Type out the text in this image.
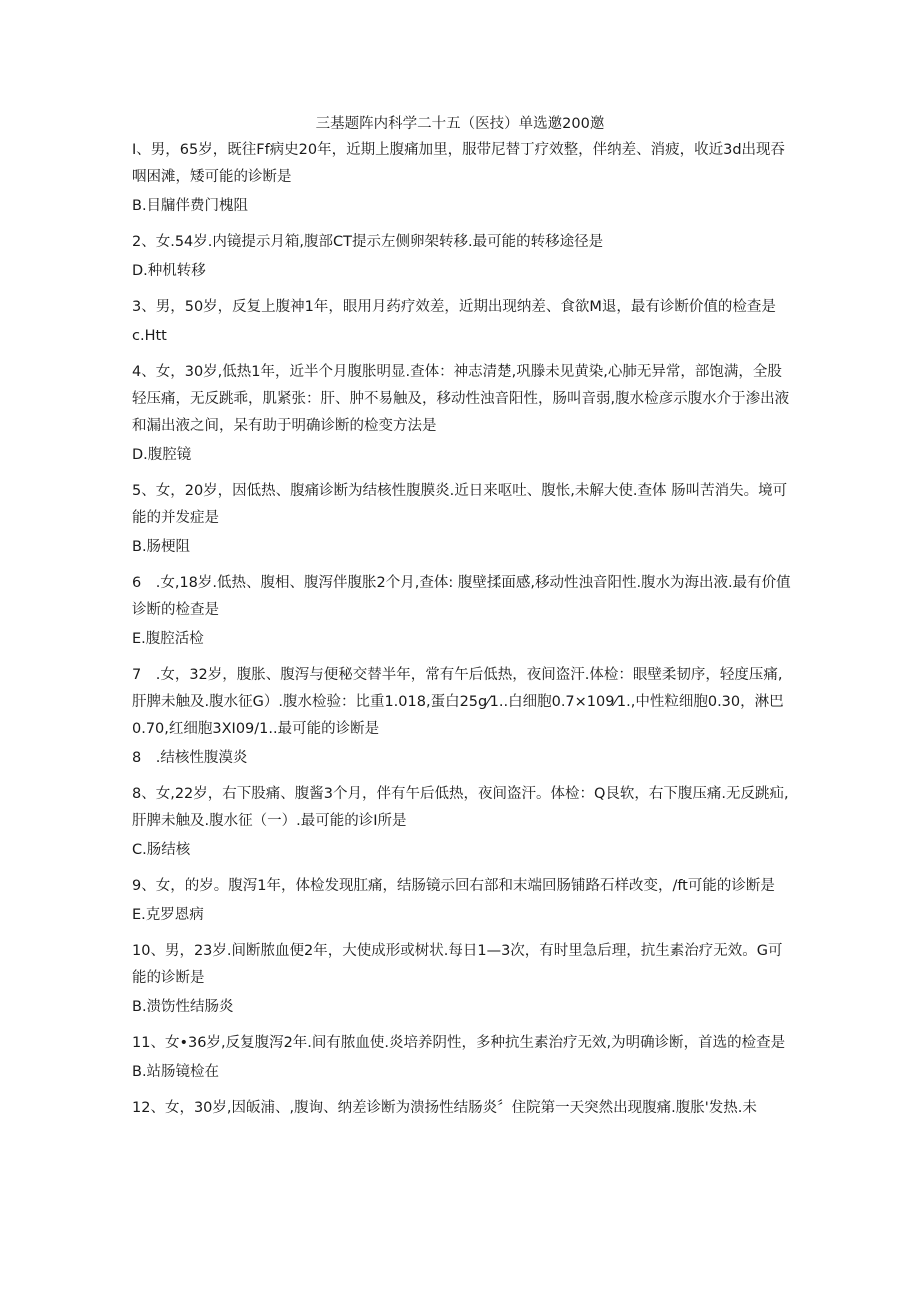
三基题阵内科学二十五（医技）单选邀200邀

I、男，65岁，既往Ff病史20年，近期上腹痛加里，服带尼替丁疗效整，伴纳差、消疲，收近3d出现吞咽困滩，矮可能的诊断是

B.目牖伴费门槐阻

2、女.54岁.内镜提示月箱,腹部CT提示左侧卵架转移.最可能的转移途径是

D.种机转移

3、男，50岁，反复上腹神1年，眼用月药疗效差，近期出现纳差、食欲M退，最有诊断价值的检查是

c.Htt

4、女，30岁,低热1年，近半个月腹胀明显.查体：神志清楚,巩滕未见黄染,心肺无异常，部饱满，全股轻压痛，无反跳乖，肌紧张：肝、肿不易触及，移动性浊音阳性，肠叫音弱,腹水检彦示腹水介于渗出液和漏出液之间，呆有助于明确诊断的检变方法是

D.腹腔镜

5、女，20岁，因低热、腹痛诊断为结核性腹膜炎.近日来呕吐、腹怅,未解大使.查体 肠叫苦消失。境可能的并发症是

B.肠梗阻

6　.女,18岁.低热、腹相、腹泻伴腹胀2个月,查体: 腹壁揉面感,移动性浊音阳性.腹水为海出液.最有价值诊断的检查是

E.腹腔活检

7　.女，32岁，腹胀、腹泻与便秘交替半年，常有午后低热，夜间盗汗.体检：眼壁柔韧序，轻度压痛,肝脾未触及.腹水征G）.腹水检验：比重1.018,蛋白25g⁄1..白细胞0.7×109⁄1.,中性粒细胞0.30，淋巴0.70,红细胞3XI09/1..最可能的诊断是

8　.结核性腹漠炎

8、女,22岁，右下股痛、腹酱3个月，伴有午后低热，夜间盗汗。体检：Q艮软，右下腹压痛.无反跳疝,肝脾未触及.腹水征（一）.最可能的诊I所是

C.肠结核

9、女，的岁。腹泻1年，体检发现肛痛，结肠镜示回右部和末端回肠铺路石样改变，/ft可能的诊断是

E.克罗恩病

10、男，23岁.间断脓血便2年，大使成形或树状.每日1—3次，有时里急后理，抗生素治疗无效。G可能的诊断是

B.溃饬性结肠炎

11、女•36岁,反复腹泻2年.间有脓血使.炎培养阴性，多种抗生素治疗无效,为明确诊断，首选的检查是

B.站肠镜检在

12、女，30岁,因皈浦、,腹询、纳差诊断为溃扬性结肠炎〞住院第一天突然出现腹痛.腹胀'发热.未
